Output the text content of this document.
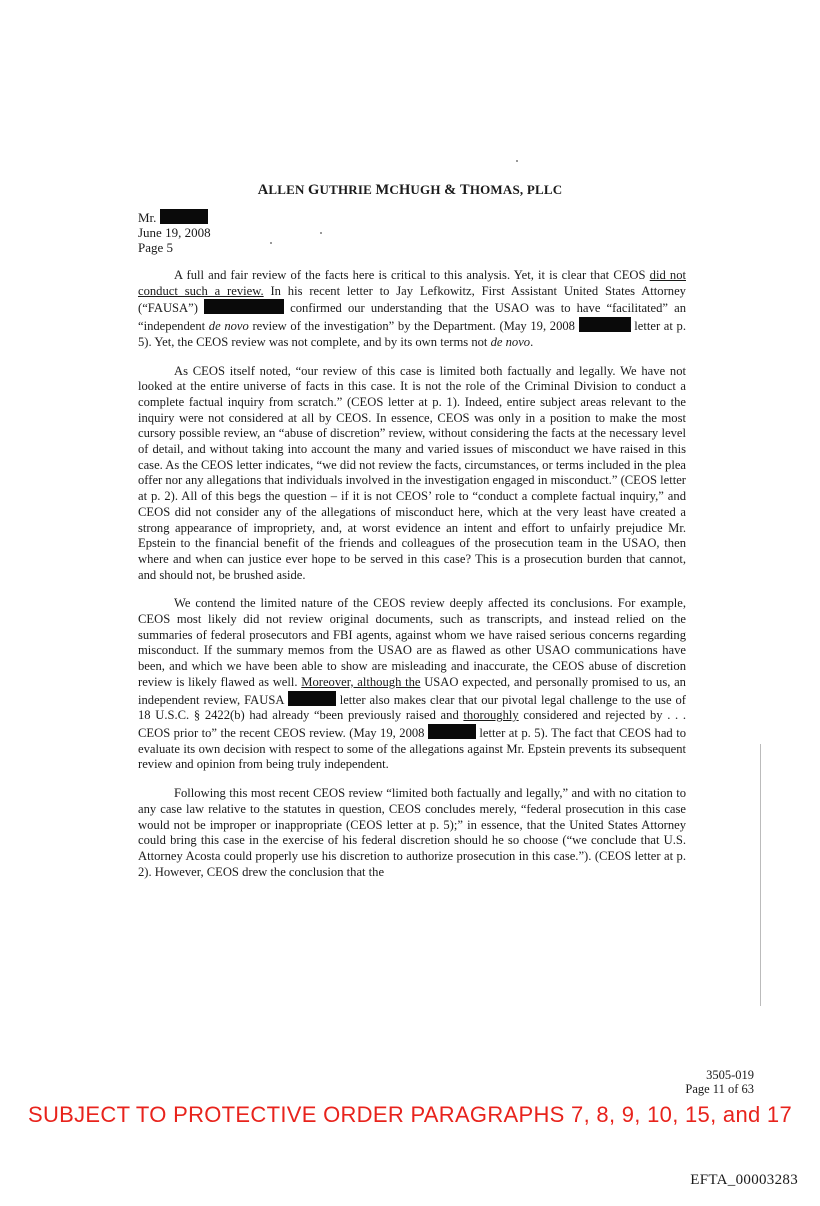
ALLEN GUTHRIE MCHUGH & THOMAS, PLLC
Mr.
June 19, 2008
Page 5

A full and fair review of the facts here is critical to this analysis. Yet, it is clear that CEOS did not conduct such a review. In his recent letter to Jay Lefkowitz, First Assistant United States Attorney (“FAUSA”)	confirmed our understanding that the USAO was to have “facilitated” an “independent de novo review of the investigation” by the Department. (May 19, 2008	letter at p. 5). Yet, the CEOS review was not complete, and by its own terms not de novo.

As CEOS itself noted, “our review of this case is limited both factually and legally. We have not looked at the entire universe of facts in this case. It is not the role of the Criminal Division to conduct a complete factual inquiry from scratch.” (CEOS letter at p. 1). Indeed, entire subject areas relevant to the inquiry were not considered at all by CEOS. In essence, CEOS was only in a position to make the most cursory possible review, an “abuse of discretion” review, without considering the facts at the necessary level of detail, and without taking into account the many and varied issues of misconduct we have raised in this case. As the CEOS letter indicates, “we did not review the facts, circumstances, or terms included in the plea offer nor any allegations that individuals involved in the investigation engaged in misconduct.” (CEOS letter at p. 2). All of this begs the question – if it is not CEOS’ role to “conduct a complete factual inquiry,” and CEOS did not consider any of the allegations of misconduct here, which at the very least have created a strong appearance of impropriety, and, at worst evidence an intent and effort to unfairly prejudice Mr. Epstein to the financial benefit of the friends and colleagues of the prosecution team in the USAO, then where and when can justice ever hope to be served in this case? This is a prosecution burden that cannot, and should not, be brushed aside.

We contend the limited nature of the CEOS review deeply affected its conclusions. For example, CEOS most likely did not review original documents, such as transcripts, and instead relied on the summaries of federal prosecutors and FBI agents, against whom we have raised serious concerns regarding misconduct. If the summary memos from the USAO are as flawed as other USAO communications have been, and which we have been able to show are misleading and inaccurate, the CEOS abuse of discretion review is likely flawed as well. Moreover, although the USAO expected, and personally promised to us, an independent review, FAUSA	letter also makes clear that our pivotal legal challenge to the use of 18 U.S.C. § 2422(b) had already “been previously raised and thoroughly considered and rejected by . . . CEOS prior to” the recent CEOS review. (May 19, 2008	letter at p. 5). The fact that CEOS had to evaluate its own decision with respect to some of the allegations against Mr. Epstein prevents its subsequent review and opinion from being truly independent.

Following this most recent CEOS review “limited both factually and legally,” and with no citation to any case law relative to the statutes in question, CEOS concludes merely, “federal prosecution in this case would not be improper or inappropriate (CEOS letter at p. 5);” in essence, that the United States Attorney could bring this case in the exercise of his federal discretion should he so choose (“we conclude that U.S. Attorney Acosta could properly use his discretion to authorize prosecution in this case.”). (CEOS letter at p. 2). However, CEOS drew the conclusion that the

3505-019
Page 11 of 63
SUBJECT TO PROTECTIVE ORDER PARAGRAPHS 7, 8, 9, 10, 15, and 17
EFTA_00003283
